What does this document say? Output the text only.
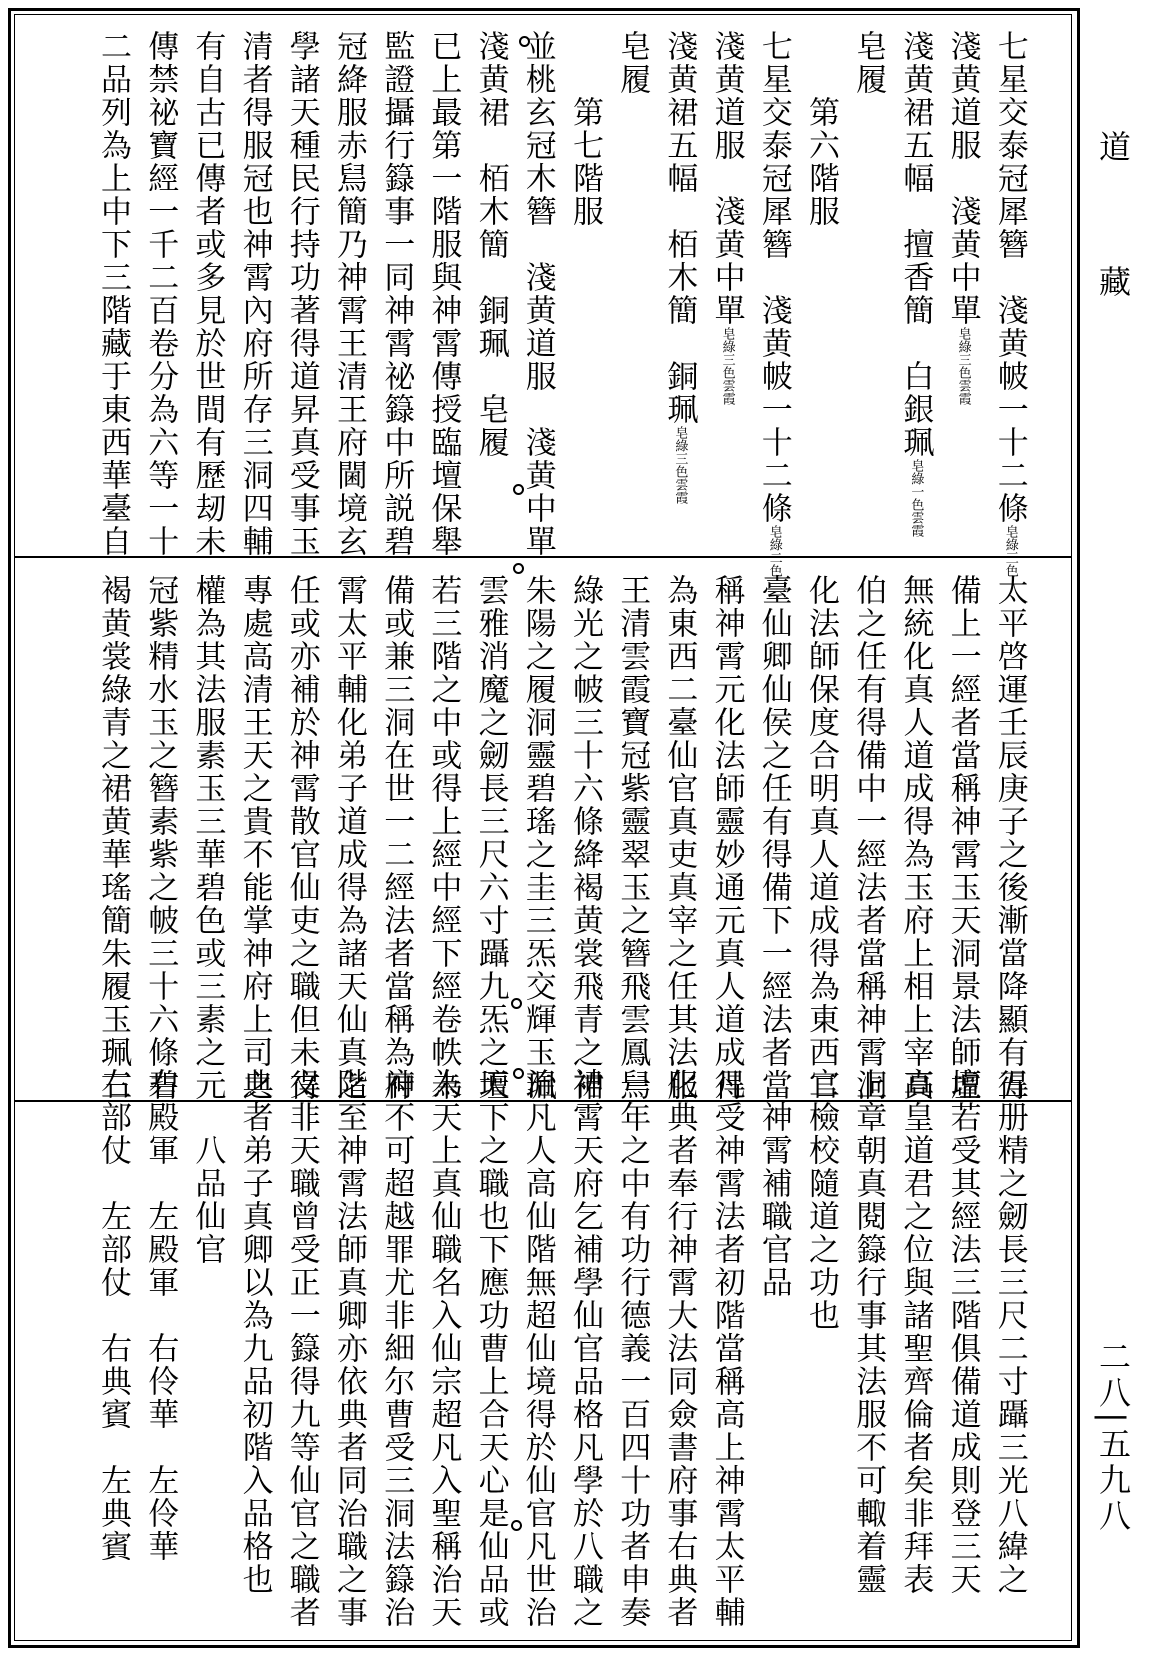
道
藏
二八|五九八
七星交泰冠犀簪　淺黄帔一十二條皂綠三色
淺黄道服　淺黄中單皂綠三色雲霞
淺黄裙五幅　擅香簡　白銀珮皂綠一色雲霞
皂履
　　第六階服
七星交泰冠犀簪　淺黄帔一十二條皂綠二色
淺黄道服　淺黄中單皂綠三色雲霞
淺黄裙五幅　栢木簡　銅珮皂綠三色雲霞
皂履
　　第七階服
並桃玄冠木簪　淺黄道服　淺黄中單
淺黄裙　栢木簡　銅珮　皂履
已上最第一階服與神霄傳授臨壇保舉
監證攝行籙事一同神霄祕籙中所説碧
冠絳服赤舃簡乃神霄王清王府閫境玄
學諸天種民行持功著得道昇真受事玉
清者得服冠也神霄內府所存三洞四輔
有自古已傳者或多見於世間有歷刼未
傳禁祕寶經一千二百卷分為六等一十
二品列為上中下三階藏于東西華臺自
太平啓運壬辰庚子之後漸當降顯有得
備上一經者當稱神霄玉天洞景法師虛
無統化真人道成得為玉府上相上宰真
伯之任有得備中一經法者當稱神霄洞
化法師保度合明真人道成得為東西二
臺仙卿仙侯之任有得備下一經法者當
稱神霄元化法師靈妙通元真人道成得
為東西二臺仙官真吏真宰之任其法服
王清雲霞寶冠紫靈翠玉之簪飛雲鳳舃
綠光之帔三十六條絳褐黄裳飛青之裙
朱陽之履洞靈碧瑤之圭三炁交輝玉珮
雲雅消魔之劒長三尺六寸躡九炁之壇
若三階之中或得上經中經下經卷帙未
備或兼三洞在世一二經法者當稱為神
霄太平輔化弟子道成得為諸天仙真之
任或亦補於神霄散官仙吏之職但未得
專處高清王天之貴不能掌神府上司之
權為其法服素玉三華碧色或三素之元
冠紫精水玉之簪素紫之帔三十六條碧
褐黄裳綠青之裙黄華瑤簡朱履玉珮三
五册精之劒長三尺二寸躡三光八緯之
壇若受其經法三階俱備道成則登三天
高皇道君之位與諸聖齊倫者矣非拜表
上章朝真閱籙行事其法服不可輙着靈
官檢校隨道之功也
　神霄補職官品
凡受神霄法者初階當稱高上神霄太平輔
化典者奉行神霄大法同僉書府事右典者
一年之中有功行德義一百四十功者申奏
神霄天府乞補學仙官品格凡學於八職之
治凡人高仙階無超仙境得於仙官凡世治
天下之職也下應功曹上合天心是仙品或
為天上真仙職名入仙宗超凡入聖稱治天
府不可超越罪尤非細尔曹受三洞法籙治
階至神霄法師真卿亦依典者同治職之事
文非天職曾受正一籙得九等仙官之職者
典者弟子真卿以為九品初階入品格也
　　八品仙官
右殿軍　左殿軍　右伶華　左伶華
右部仗　左部仗　右典賓　左典賓
